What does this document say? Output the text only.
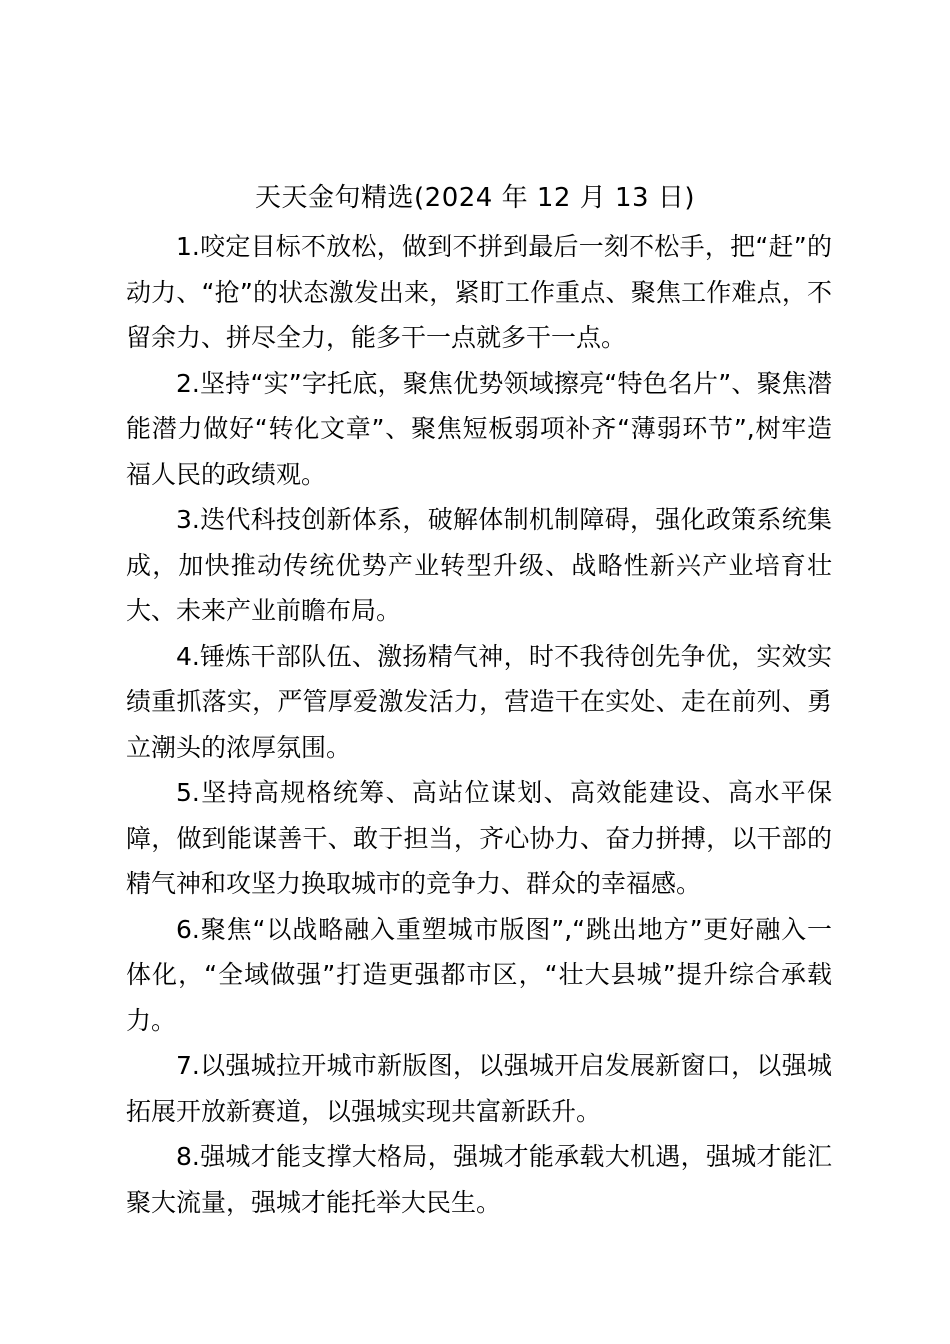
天天金句精选(2024 年 12 月 13 日)

1.咬定目标不放松，做到不拼到最后一刻不松手，把“赶”的动力、“抢”的状态激发出来，紧盯工作重点、聚焦工作难点，不留余力、拼尽全力，能多干一点就多干一点。

2.坚持“实”字托底，聚焦优势领域擦亮“特色名片”、聚焦潜能潜力做好“转化文章”、聚焦短板弱项补齐“薄弱环节”,树牢造福人民的政绩观。

3.迭代科技创新体系，破解体制机制障碍，强化政策系统集成，加快推动传统优势产业转型升级、战略性新兴产业培育壮大、未来产业前瞻布局。

4.锤炼干部队伍、激扬精气神，时不我待创先争优，实效实绩重抓落实，严管厚爱激发活力，营造干在实处、走在前列、勇立潮头的浓厚氛围。

5.坚持高规格统筹、高站位谋划、高效能建设、高水平保障，做到能谋善干、敢于担当，齐心协力、奋力拼搏，以干部的精气神和攻坚力换取城市的竞争力、群众的幸福感。

6.聚焦“以战略融入重塑城市版图”,“跳出地方”更好融入一体化，“全域做强”打造更强都市区，“壮大县城”提升综合承载力。

7.以强城拉开城市新版图，以强城开启发展新窗口，以强城拓展开放新赛道，以强城实现共富新跃升。

8.强城才能支撑大格局，强城才能承载大机遇，强城才能汇聚大流量，强城才能托举大民生。
